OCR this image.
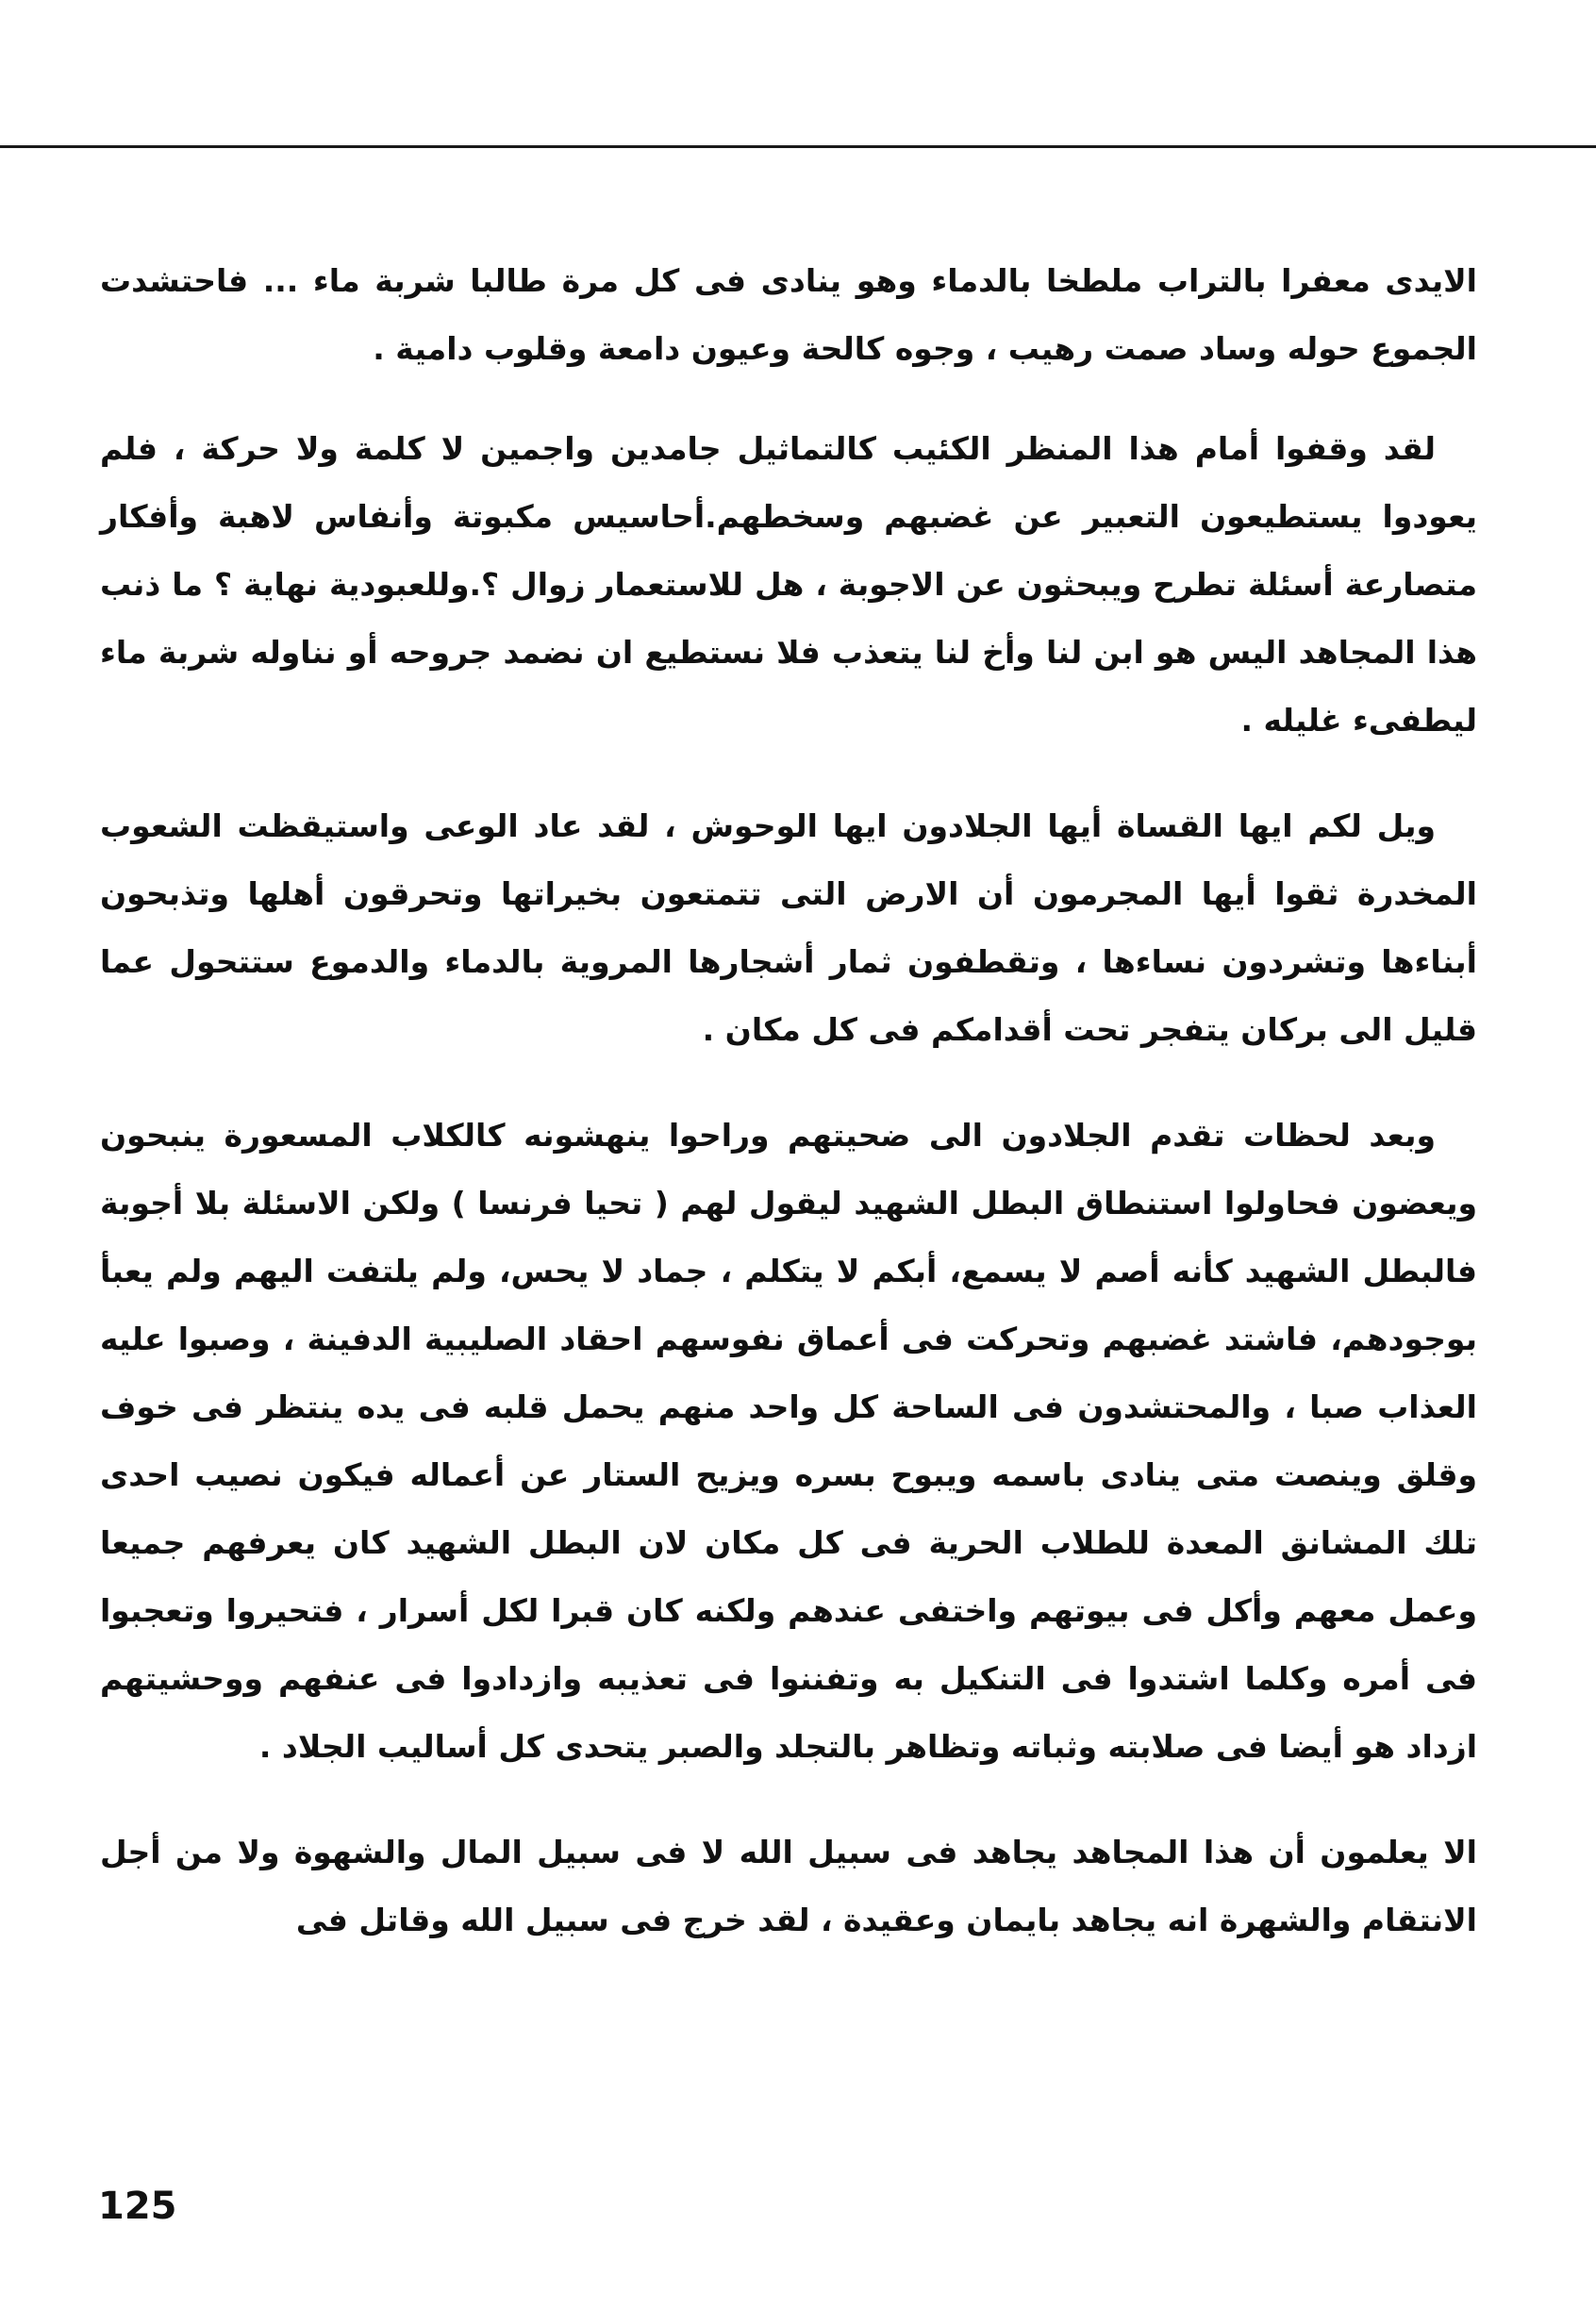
الايدى معفرا بالتراب ملطخا بالدماء وهو ينادى فى كل مرة طالبا شربة ماء ... فاحتشدت الجموع حوله وساد صمت رهيب ، وجوه كالحة وعيون دامعة وقلوب دامية .

لقد وقفوا أمام هذا المنظر الكئيب كالتماثيل جامدين واجمين لا كلمة ولا حركة ، فلم يعودوا يستطيعون التعبير عن غضبهم وسخطهم.أحاسيس مكبوتة وأنفاس لاهبة وأفكار متصارعة أسئلة تطرح ويبحثون عن الاجوبة ، هل للاستعمار زوال ؟.وللعبودية نهاية ؟ ما ذنب هذا المجاهد اليس هو ابن لنا وأخ لنا يتعذب فلا نستطيع ان نضمد جروحه أو نناوله شربة ماء ليطفىء غليله .

ويل لكم ايها القساة أيها الجلادون ايها الوحوش ، لقد عاد الوعى واستيقظت الشعوب المخدرة ثقوا أيها المجرمون أن الارض التى تتمتعون بخيراتها وتحرقون أهلها وتذبحون أبناءها وتشردون نساءها ، وتقطفون ثمار أشجارها المروية بالدماء والدموع ستتحول عما قليل الى بركان يتفجر تحت أقدامكم فى كل مكان .

وبعد لحظات تقدم الجلادون الى ضحيتهم وراحوا ينهشونه كالكلاب المسعورة ينبحون ويعضون فحاولوا استنطاق البطل الشهيد ليقول لهم ( تحيا فرنسا ) ولكن الاسئلة بلا أجوبة فالبطل الشهيد كأنه أصم لا يسمع، أبكم لا يتكلم ، جماد لا يحس، ولم يلتفت اليهم ولم يعبأ بوجودهم، فاشتد غضبهم وتحركت فى أعماق نفوسهم احقاد الصليبية الدفينة ، وصبوا عليه العذاب صبا ، والمحتشدون فى الساحة كل واحد منهم يحمل قلبه فى يده ينتظر فى خوف وقلق وينصت متى ينادى باسمه ويبوح بسره ويزيح الستار عن أعماله فيكون نصيب احدى تلك المشانق المعدة للطلاب الحرية فى كل مكان لان البطل الشهيد كان يعرفهم جميعا وعمل معهم وأكل فى بيوتهم واختفى عندهم ولكنه كان قبرا لكل أسرار ، فتحيروا وتعجبوا فى أمره وكلما اشتدوا فى التنكيل به وتفننوا فى تعذيبه وازدادوا فى عنفهم ووحشيتهم ازداد هو أيضا فى صلابته وثباته وتظاهر بالتجلد والصبر يتحدى كل أساليب الجلاد .

الا يعلمون أن هذا المجاهد يجاهد فى سبيل الله لا فى سبيل المال والشهوة ولا من أجل الانتقام والشهرة انه يجاهد بايمان وعقيدة ، لقد خرج فى سبيل الله وقاتل فى

125
